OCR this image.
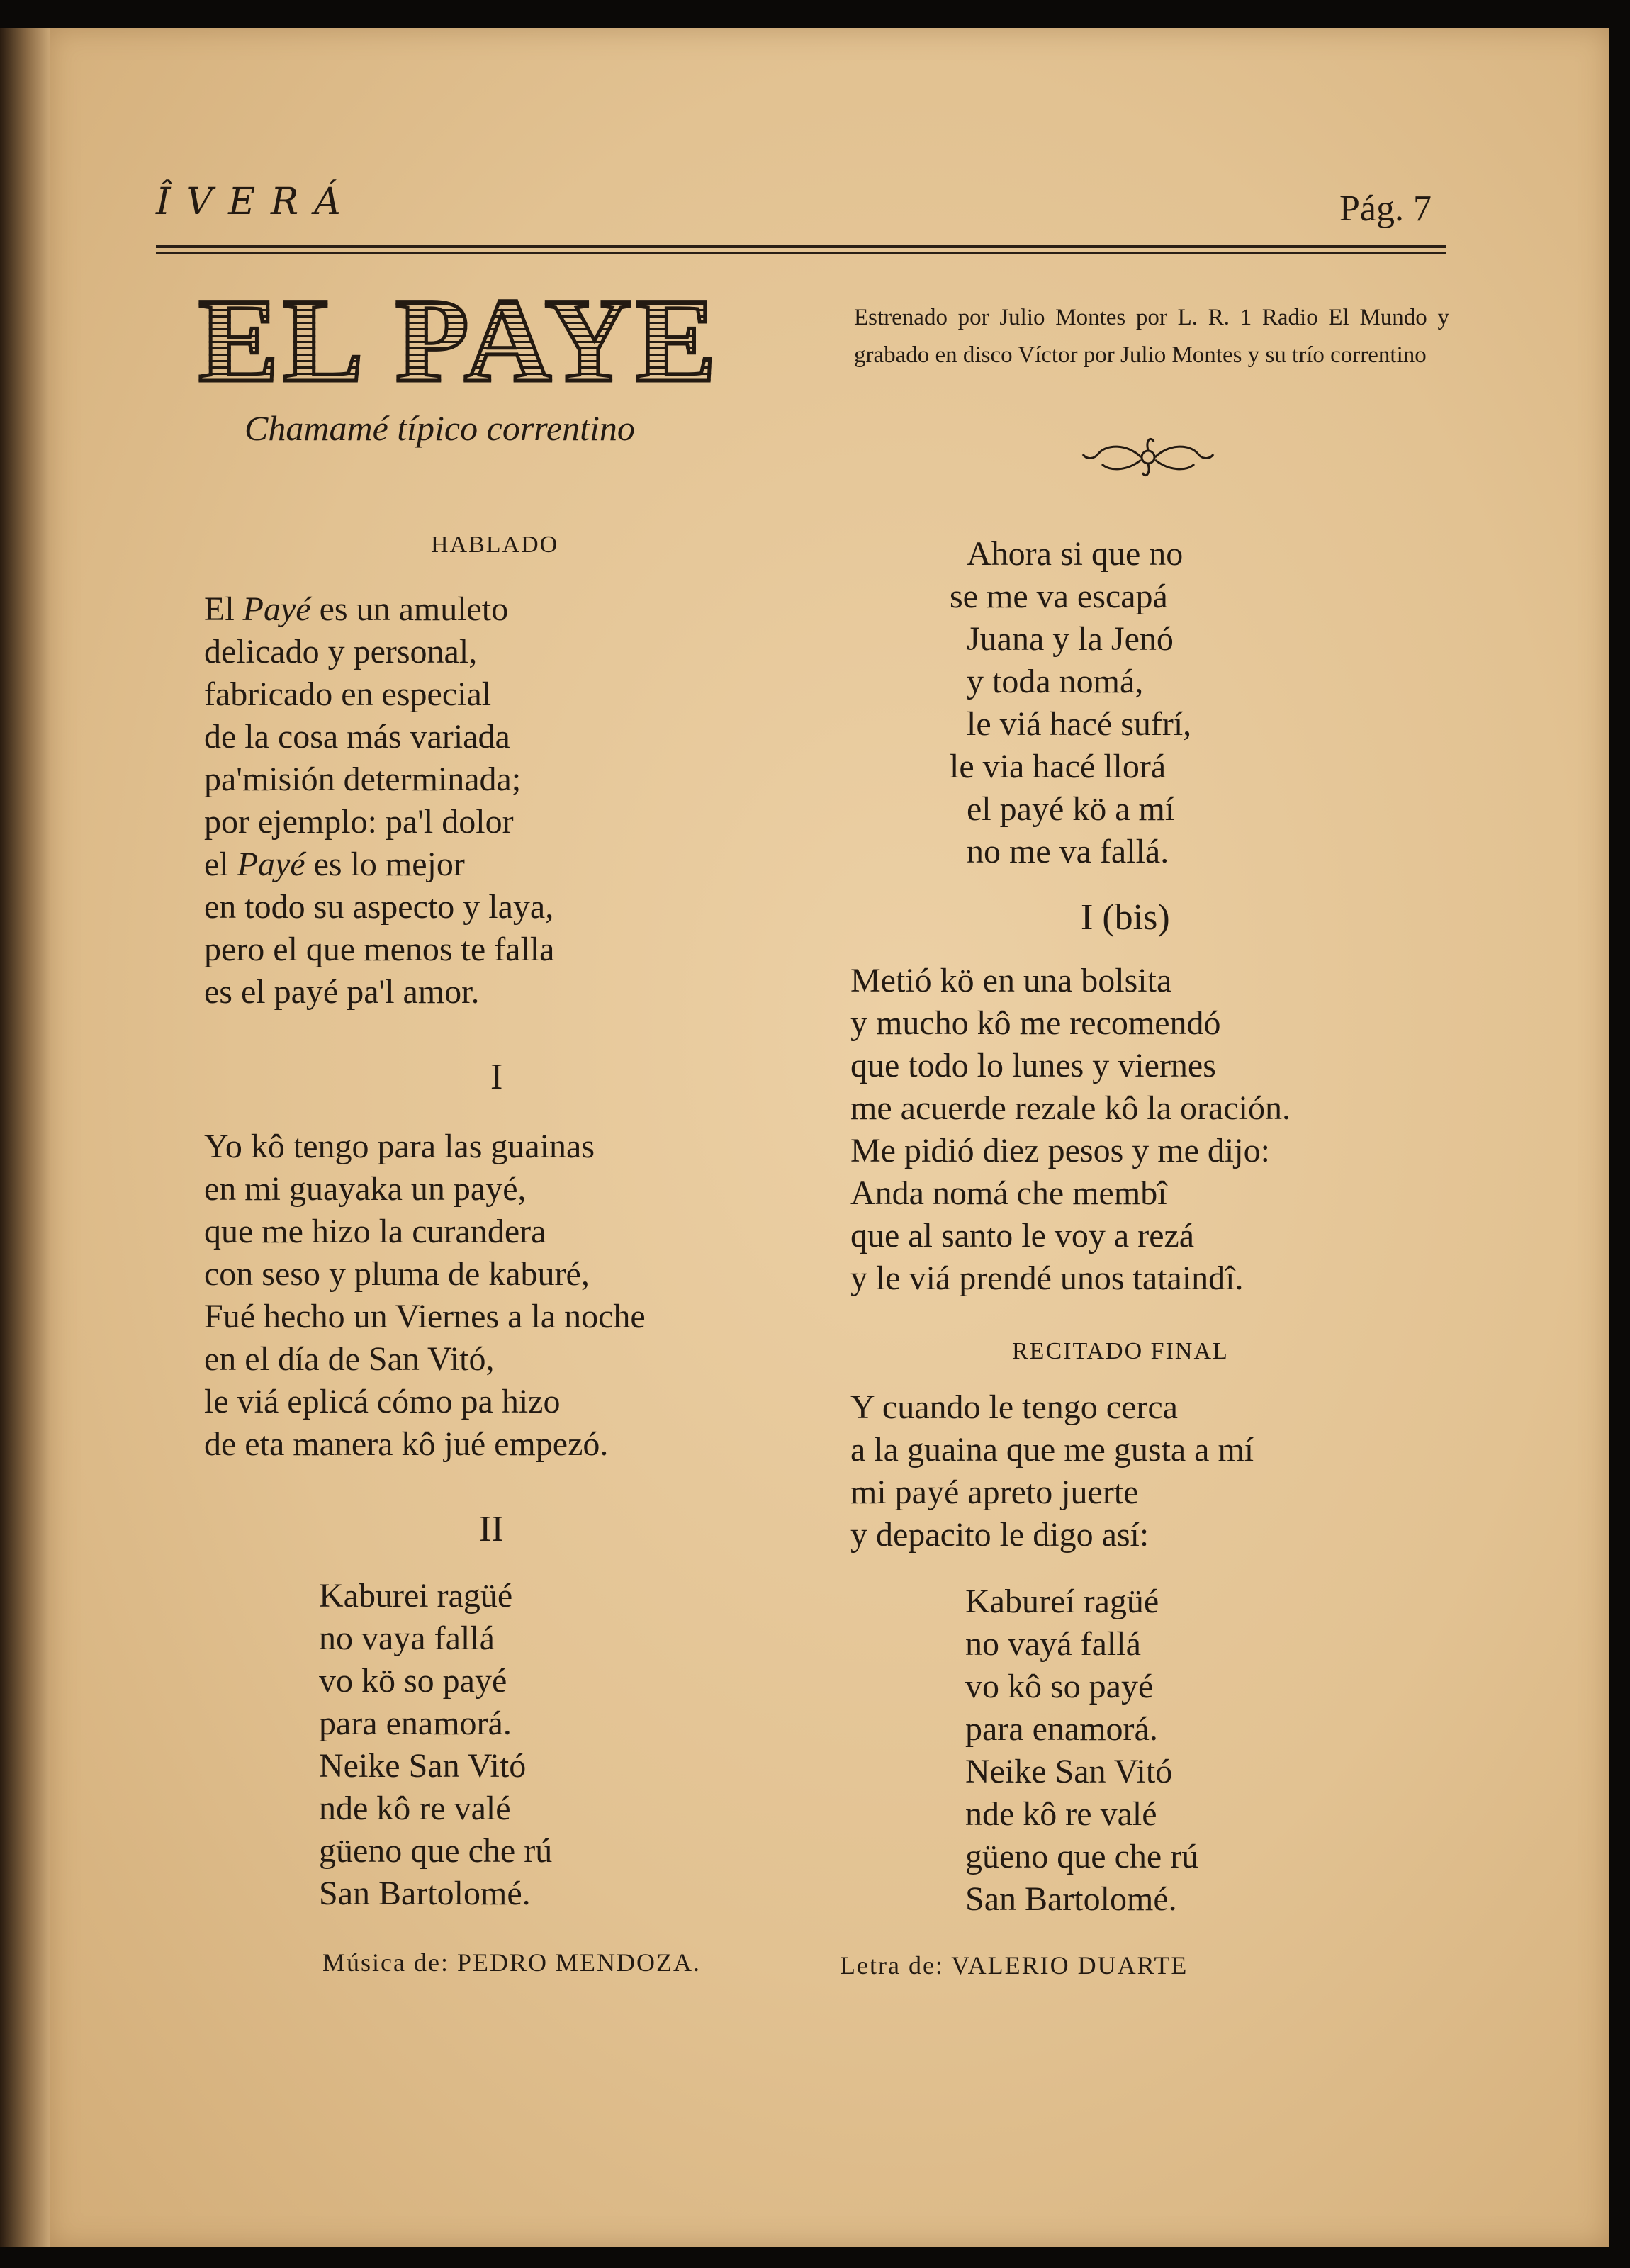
ÎVERÁ	Pág. 7

EL PAYE

Chamamé típico correntino

Estrenado por Julio Montes por L. R. 1 Radio El Mundo y grabado en disco Víctor por Julio Montes y su trío correntino

HABLADO

El Payé es un amuleto
delicado y personal,
fabricado en especial
de la cosa más variada
pa'misión determinada;
por ejemplo: pa'l dolor
el Payé es lo mejor
en todo su aspecto y laya,
pero el que menos te falla
es el payé pa'l amor.

I

Yo kô tengo para las guainas
en mi guayaka un payé,
que me hizo la curandera
con seso y pluma de kaburé,
Fué hecho un Viernes a la noche
en el día de San Vitó,
le viá eplicá cómo pa hizo
de eta manera kô jué empezó.

II

Kaburei ragüé
no vaya fallá
vo kö so payé
para enamorá.
Neike San Vitó
nde kô re valé
güeno que che rú
San Bartolomé.

Música de: PEDRO MENDOZA.

Ahora si que no
se me va escapá
Juana y la Jenó
y toda nomá,
le viá hacé sufrí,
le via hacé llorá
el payé kö a mí
no me va fallá.

I (bis)

Metió kö en una bolsita
y mucho kô me recomendó
que todo lo lunes y viernes
me acuerde rezale kô la oración.
Me pidió diez pesos y me dijo:
Anda nomá che membî
que al santo le voy a rezá
y le viá prendé unos tataindî.

RECITADO FINAL

Y cuando le tengo cerca
a la guaina que me gusta a mí
mi payé apreto juerte
y depacito le digo así:
Kabureí ragüé
no vayá fallá
vo kô so payé
para enamorá.
Neike San Vitó
nde kô re valé
güeno que che rú
San Bartolomé.

Letra de: VALERIO DUARTE
